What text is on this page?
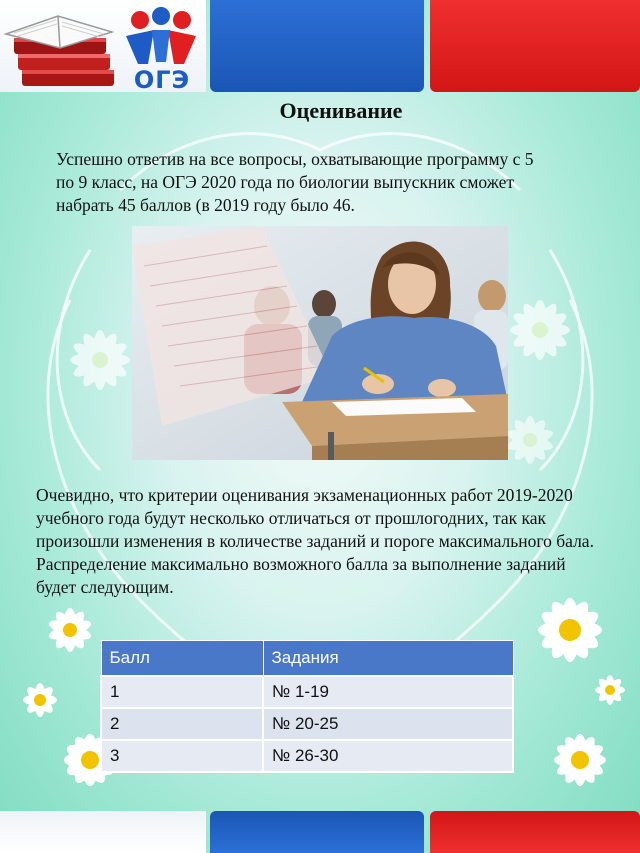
ОГЭ
Оценивание

Успешно ответив на все вопросы, охватывающие программу с 5 по 9 класс, на ОГЭ 2020 года по биологии выпускник сможет набрать 45 баллов (в 2019 году было 46.

Очевидно, что критерии оценивания экзаменационных работ 2019-2020 учебного года будут несколько отличаться от прошлогодних, так как произошли изменения в количестве заданий и пороге максимального бала. Распределение максимально возможного балла за выполнение заданий будет следующим.

Балл	Задания
1	№ 1-19
2	№ 20-25
3	№ 26-30
